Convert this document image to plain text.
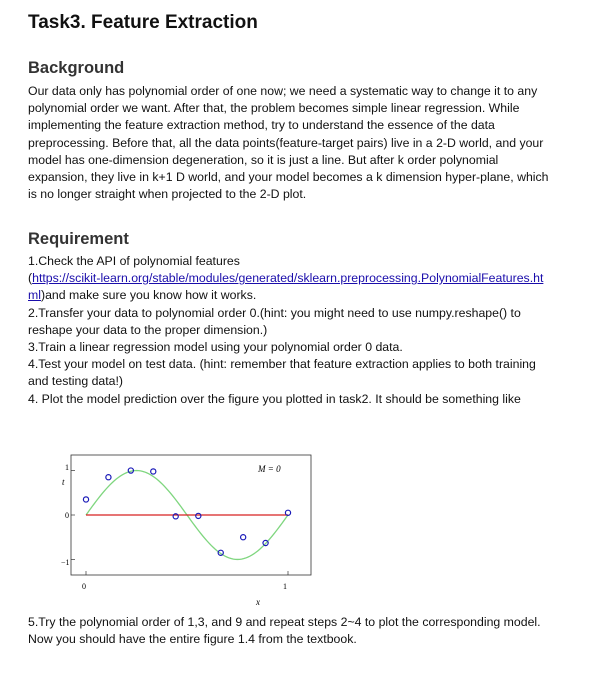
Task3. Feature Extraction
Background

Our data only has polynomial order of one now; we need a systematic way to change it to any
polynomial order we want. After that, the problem becomes simple linear regression. While
implementing the feature extraction method, try to understand the essence of the data
preprocessing. Before that, all the data points(feature-target pairs) live in a 2-D world, and your
model has one-dimension degeneration, so it is just a line. But after k order polynomial
expansion, they live in k+1 D world, and your model becomes a k dimension hyper-plane, which
is no longer straight when projected to the 2-D plot.

Requirement
1.Check the API of polynomial features
(https://scikit-learn.org/stable/modules/generated/sklearn.preprocessing.PolynomialFeatures.ht
ml)and make sure you know how it works.
2.Transfer your data to polynomial order 0.(hint: you might need to use numpy.reshape() to
reshape your data to the proper dimension.)
3.Train a linear regression model using your polynomial order 0 data.
4.Test your model on test data. (hint: remember that feature extraction applies to both training
and testing data!)
4. Plot the model prediction over the figure you plotted in task2. It should be something like
M = 0
t
x
0	1
1
0
−1
5.Try the polynomial order of 1,3, and 9 and repeat steps 2~4 to plot the corresponding model.
Now you should have the entire figure 1.4 from the textbook.
